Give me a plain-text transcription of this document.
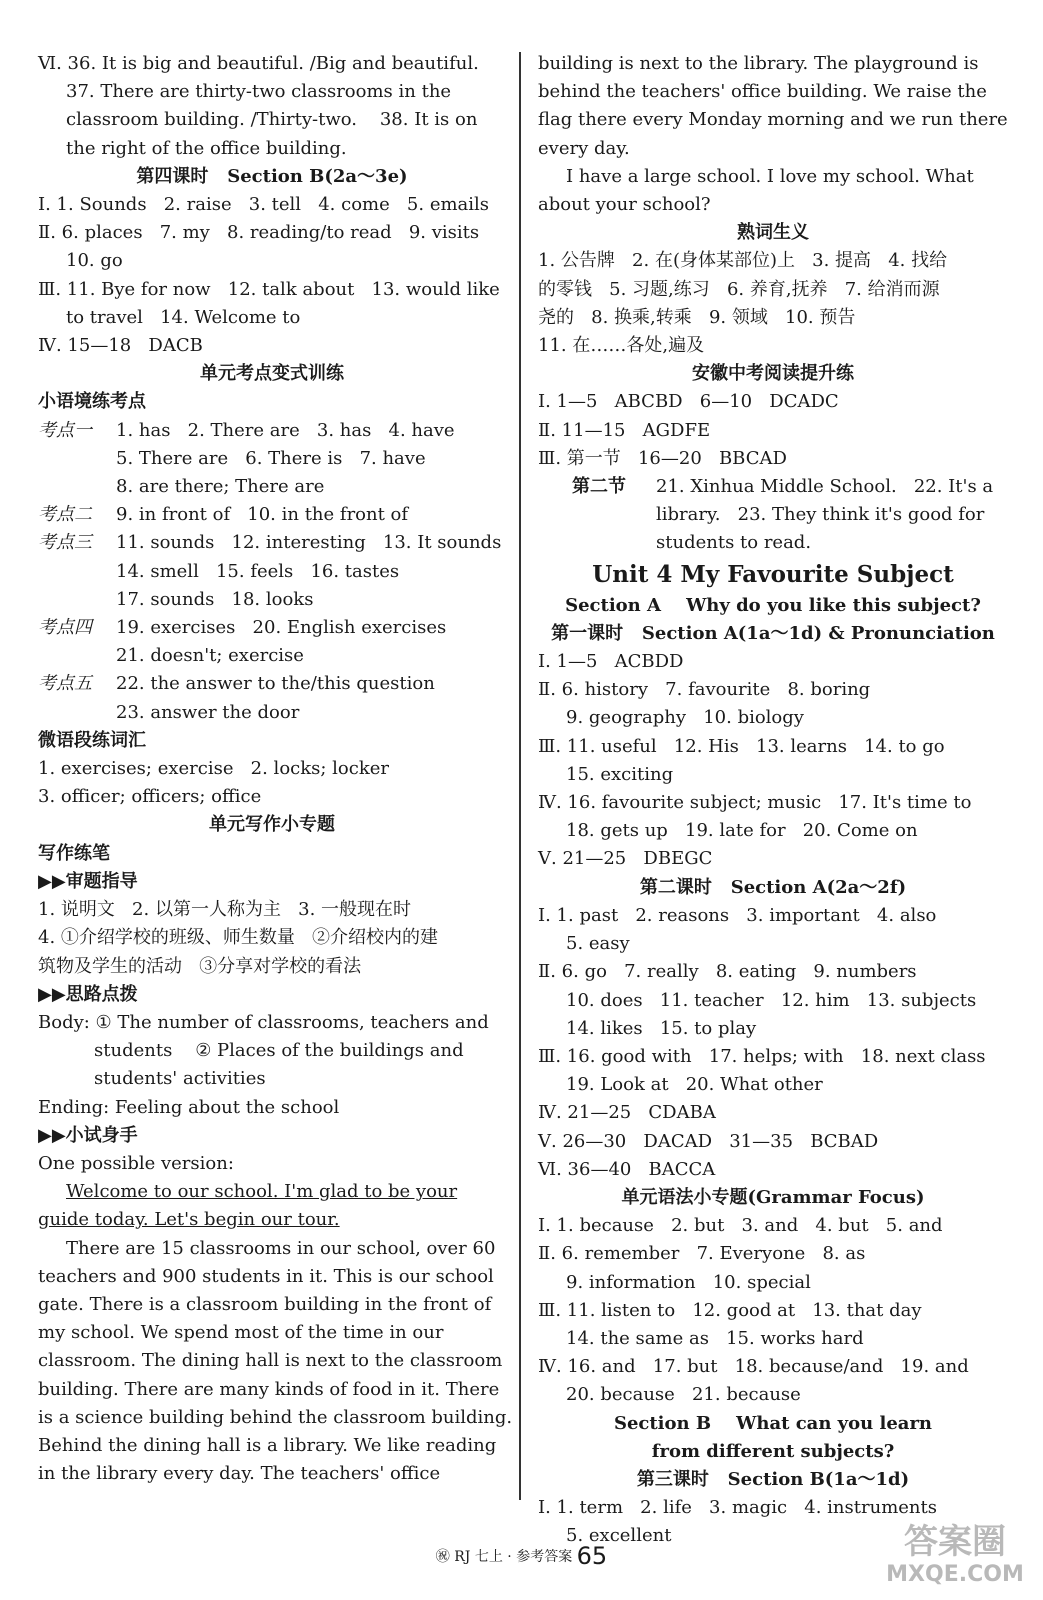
Ⅵ. 36. It is big and beautiful. /Big and beautiful.
37. There are thirty-two classrooms in the
classroom building. /Thirty-two.    38. It is on
the right of the office building.
第四课时   Section B(2a～3e)
Ⅰ. 1. Sounds   2. raise   3. tell   4. come   5. emails
Ⅱ. 6. places   7. my   8. reading/to read   9. visits
10. go
Ⅲ. 11. Bye for now   12. talk about   13. would like
to travel   14. Welcome to
Ⅳ. 15—18   DACB
单元考点变式训练
小语境练考点
考点一	1. has   2. There are   3. has   4. have
5. There are   6. There is   7. have
8. are there; There are
考点二	9. in front of   10. in the front of
考点三	11. sounds   12. interesting   13. It sounds
14. smell   15. feels   16. tastes
17. sounds   18. looks
考点四	19. exercises   20. English exercises
21. doesn't; exercise
考点五	22. the answer to the/this question
23. answer the door
微语段练词汇
1. exercises; exercise   2. locks; locker
3. officer; officers; office
单元写作小专题
写作练笔
▶▶审题指导
1. 说明文   2. 以第一人称为主   3. 一般现在时
4. ①介绍学校的班级、师生数量   ②介绍校内的建
筑物及学生的活动   ③分享对学校的看法
▶▶思路点拨
Body: ① The number of classrooms, teachers and
students    ② Places of the buildings and
students' activities
Ending: Feeling about the school
▶▶小试身手
One possible version:
Welcome to our school. I'm glad to be your
guide today. Let's begin our tour.
There are 15 classrooms in our school, over 60
teachers and 900 students in it. This is our school
gate. There is a classroom building in the front of
my school. We spend most of the time in our
classroom. The dining hall is next to the classroom
building. There are many kinds of food in it. There
is a science building behind the classroom building.
Behind the dining hall is a library. We like reading
in the library every day. The teachers' office
building is next to the library. The playground is
behind the teachers' office building. We raise the
flag there every Monday morning and we run there
every day.
I have a large school. I love my school. What
about your school?
熟词生义
1. 公告牌   2. 在(身体某部位)上   3. 提高   4. 找给
的零钱   5. 习题,练习   6. 养育,抚养   7. 给消而源
尧的   8. 换乘,转乘   9. 领域   10. 预告
11. 在……各处,遍及
安徽中考阅读提升练
Ⅰ. 1—5   ABCBD   6—10   DCADC
Ⅱ. 11—15   AGDFE
Ⅲ. 第一节   16—20   BBCAD
第二节	21. Xinhua Middle School.   22. It's a
library.   23. They think it's good for
students to read.
Unit 4 My Favourite Subject
Section A    Why do you like this subject?
第一课时   Section A(1a～1d) & Pronunciation
Ⅰ. 1—5   ACBDD
Ⅱ. 6. history   7. favourite   8. boring
9. geography   10. biology
Ⅲ. 11. useful   12. His   13. learns   14. to go
15. exciting
Ⅳ. 16. favourite subject; music   17. It's time to
18. gets up   19. late for   20. Come on
Ⅴ. 21—25   DBEGC
第二课时   Section A(2a～2f)
Ⅰ. 1. past   2. reasons   3. important   4. also
5. easy
Ⅱ. 6. go   7. really   8. eating   9. numbers
10. does   11. teacher   12. him   13. subjects
14. likes   15. to play
Ⅲ. 16. good with   17. helps; with   18. next class
19. Look at   20. What other
Ⅳ. 21—25   CDABA
Ⅴ. 26—30   DACAD   31—35   BCBAD
Ⅵ. 36—40   BACCA
单元语法小专题(Grammar Focus)
Ⅰ. 1. because   2. but   3. and   4. but   5. and
Ⅱ. 6. remember   7. Everyone   8. as
9. information   10. special
Ⅲ. 11. listen to   12. good at   13. that day
14. the same as   15. works hard
Ⅳ. 16. and   17. but   18. because/and   19. and
20. because   21. because
Section B    What can you learn
from different subjects?
第三课时   Section B(1a～1d)
Ⅰ. 1. term   2. life   3. magic   4. instruments
5. excellent
㊗ RJ 七上 · 参考答案 65	答案圈
MXQE.COM
